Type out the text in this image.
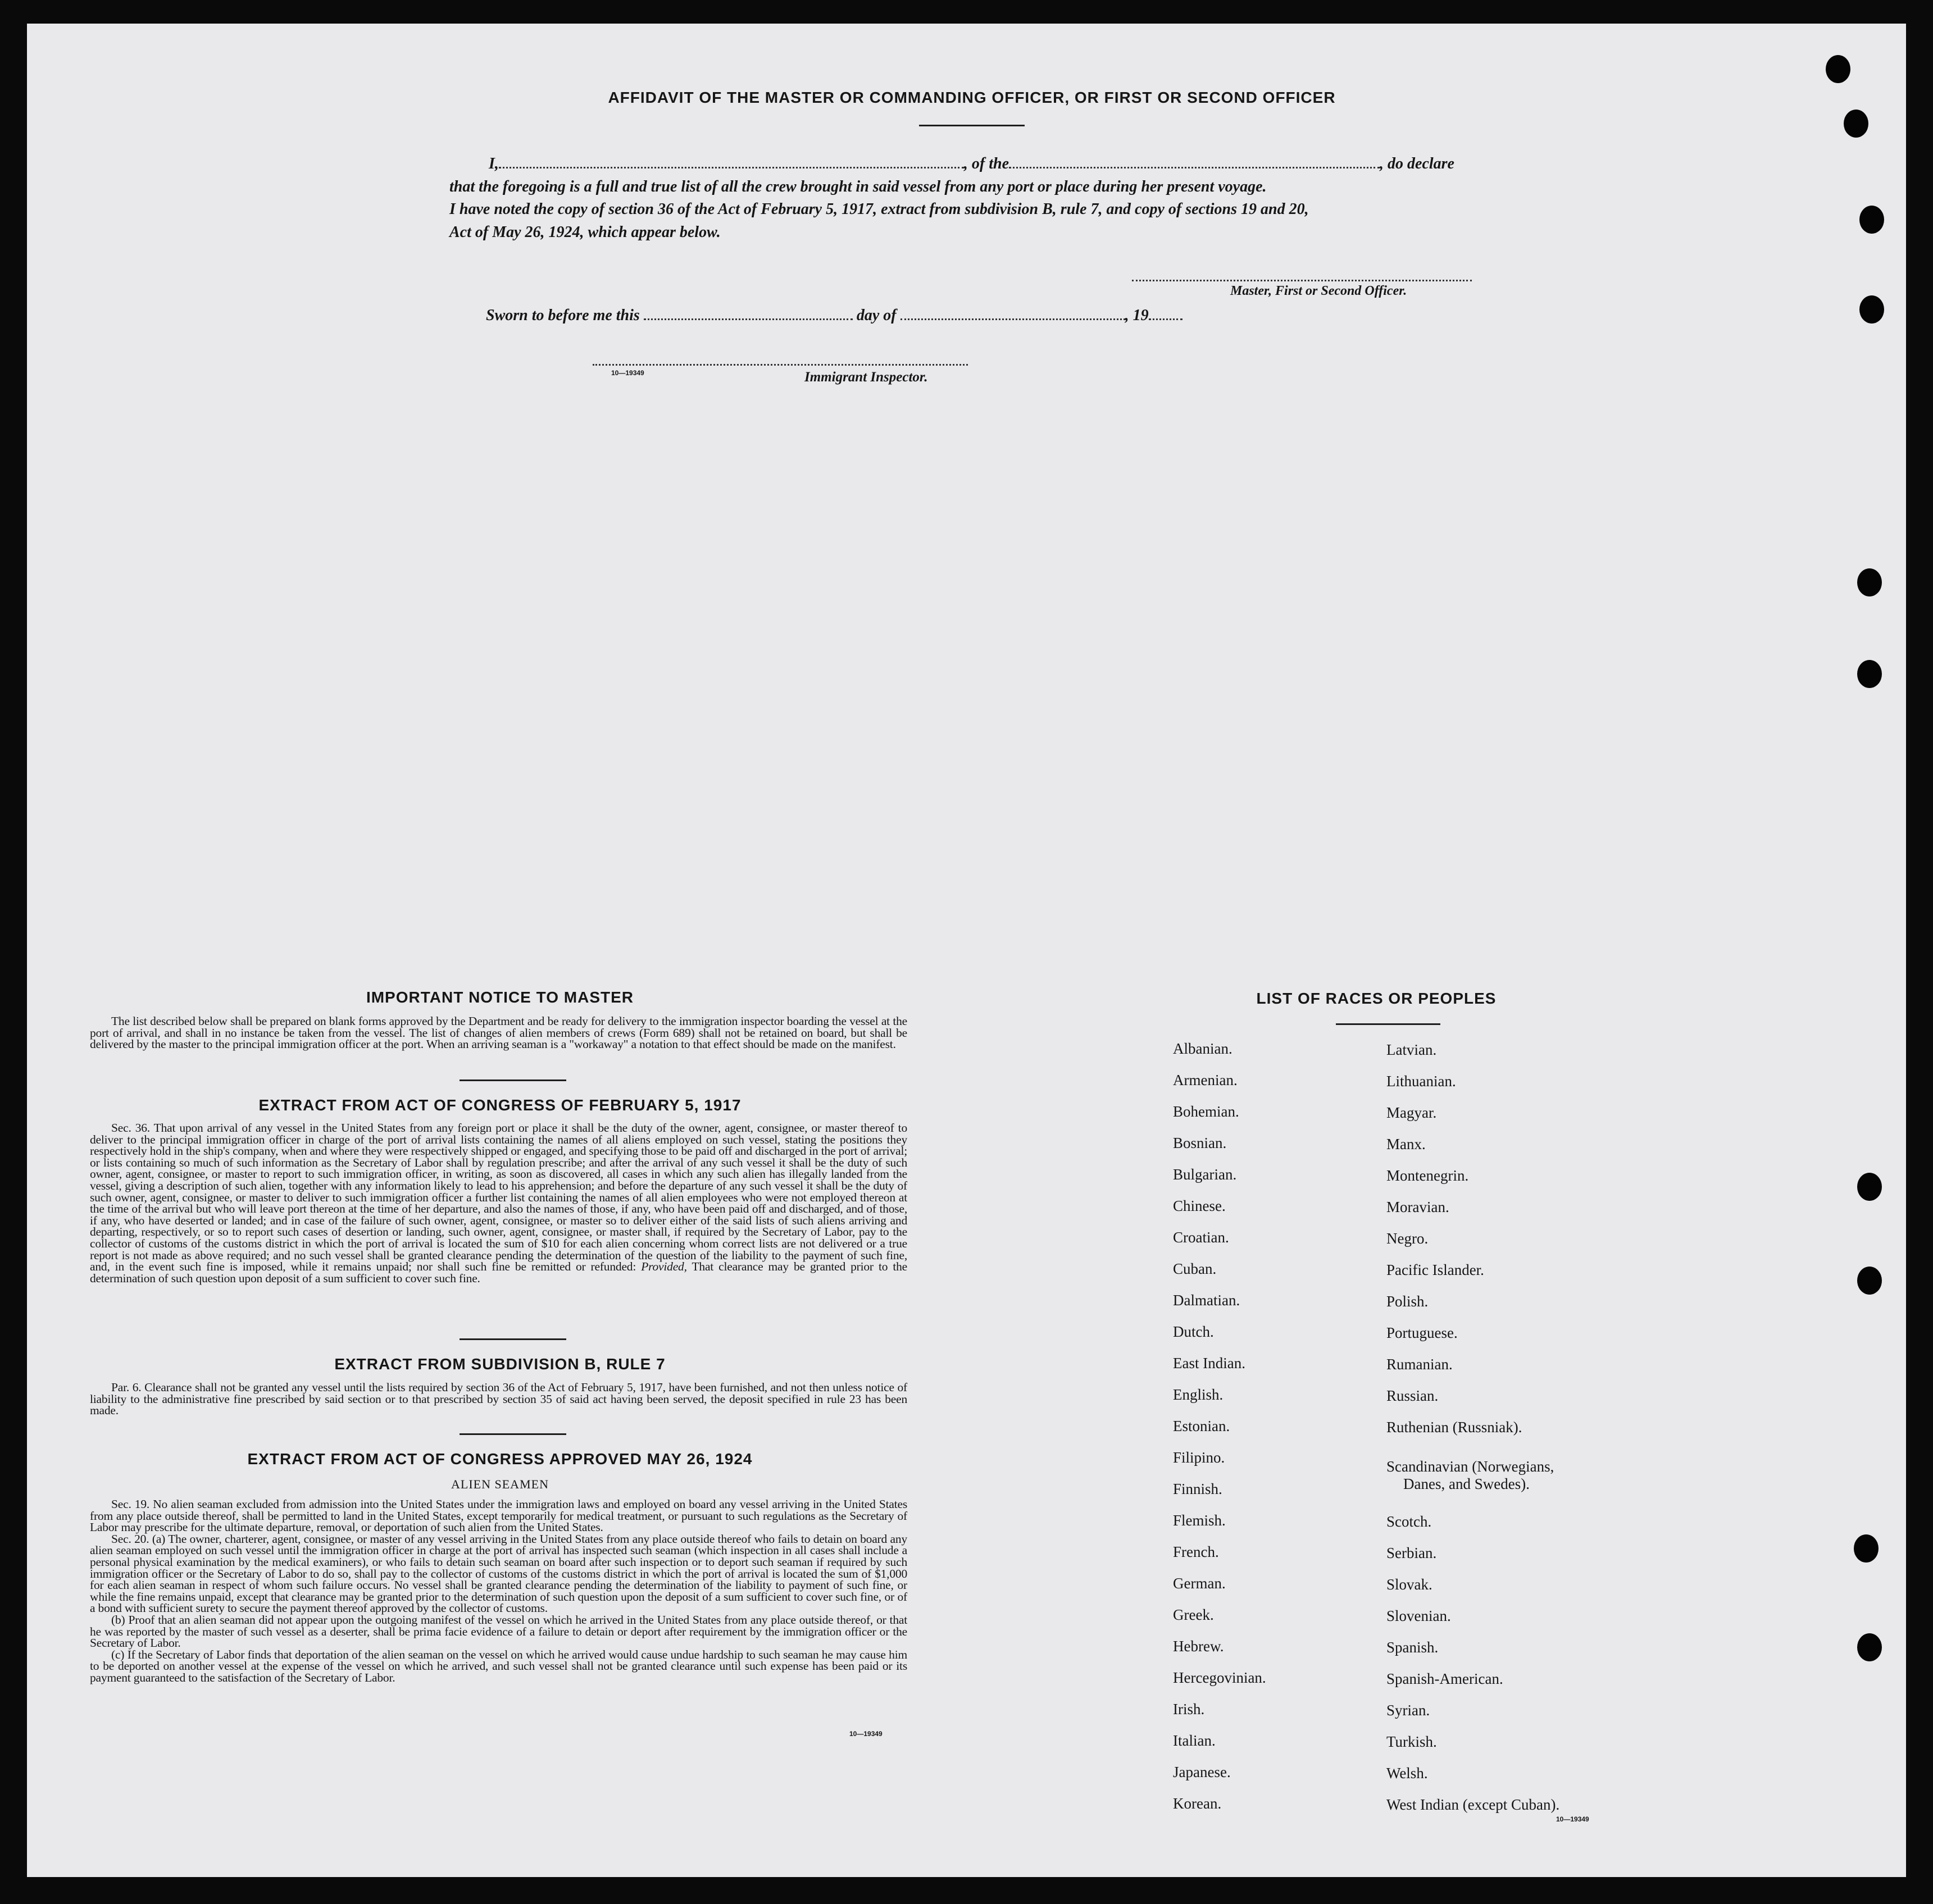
AFFIDAVIT OF THE MASTER OR COMMANDING OFFICER, OR FIRST OR SECOND OFFICER
I,	, of the	, do declare
that the foregoing is a full and true list of all the crew brought in said vessel from any port or place during her present voyage.
I have noted the copy of section 36 of the Act of February 5, 1917, extract from subdivision B, rule 7, and copy of sections 19 and 20,
Act of May 26, 1924, which appear below.
Master, First or Second Officer.
Sworn to before me this	day of	, 19
10—19349	Immigrant Inspector.
IMPORTANT NOTICE TO MASTER

The list described below shall be prepared on blank forms approved by the Department and be ready for delivery to the immigration inspector boarding the vessel at the port of arrival, and shall in no instance be taken from the vessel. The list of changes of alien members of crews (Form 689) shall not be retained on board, but shall be delivered by the master to the principal immigration officer at the port. When an arriving seaman is a "workaway" a notation to that effect should be made on the manifest.

EXTRACT FROM ACT OF CONGRESS OF FEBRUARY 5, 1917

Sec. 36. That upon arrival of any vessel in the United States from any foreign port or place it shall be the duty of the owner, agent, consignee, or master thereof to deliver to the principal immigration officer in charge of the port of arrival lists containing the names of all aliens employed on such vessel, stating the positions they respectively hold in the ship's company, when and where they were respectively shipped or engaged, and specifying those to be paid off and discharged in the port of arrival; or lists containing so much of such information as the Secretary of Labor shall by regulation prescribe; and after the arrival of any such vessel it shall be the duty of such owner, agent, consignee, or master to report to such immigration officer, in writing, as soon as discovered, all cases in which any such alien has illegally landed from the vessel, giving a description of such alien, together with any information likely to lead to his apprehension; and before the departure of any such vessel it shall be the duty of such owner, agent, consignee, or master to deliver to such immigration officer a further list containing the names of all alien employees who were not employed thereon at the time of the arrival but who will leave port thereon at the time of her departure, and also the names of those, if any, who have been paid off and discharged, and of those, if any, who have deserted or landed; and in case of the failure of such owner, agent, consignee, or master so to deliver either of the said lists of such aliens arriving and departing, respectively, or so to report such cases of desertion or landing, such owner, agent, consignee, or master shall, if required by the Secretary of Labor, pay to the collector of customs of the customs district in which the port of arrival is located the sum of $10 for each alien concerning whom correct lists are not delivered or a true report is not made as above required; and no such vessel shall be granted clearance pending the determination of the question of the liability to the payment of such fine, and, in the event such fine is imposed, while it remains unpaid; nor shall such fine be remitted or refunded: Provided, That clearance may be granted prior to the determination of such question upon deposit of a sum sufficient to cover such fine.

EXTRACT FROM SUBDIVISION B, RULE 7

Par. 6. Clearance shall not be granted any vessel until the lists required by section 36 of the Act of February 5, 1917, have been furnished, and not then unless notice of liability to the administrative fine prescribed by said section or to that prescribed by section 35 of said act having been served, the deposit specified in rule 23 has been made.

EXTRACT FROM ACT OF CONGRESS APPROVED MAY 26, 1924
ALIEN SEAMEN

Sec. 19. No alien seaman excluded from admission into the United States under the immigration laws and employed on board any vessel arriving in the United States from any place outside thereof, shall be permitted to land in the United States, except temporarily for medical treatment, or pursuant to such regulations as the Secretary of Labor may prescribe for the ultimate departure, removal, or deportation of such alien from the United States.

Sec. 20. (a) The owner, charterer, agent, consignee, or master of any vessel arriving in the United States from any place outside thereof who fails to detain on board any alien seaman employed on such vessel until the immigration officer in charge at the port of arrival has inspected such seaman (which inspection in all cases shall include a personal physical examination by the medical examiners), or who fails to detain such seaman on board after such inspection or to deport such seaman if required by such immigration officer or the Secretary of Labor to do so, shall pay to the collector of customs of the customs district in which the port of arrival is located the sum of $1,000 for each alien seaman in respect of whom such failure occurs. No vessel shall be granted clearance pending the determination of the liability to payment of such fine, or while the fine remains unpaid, except that clearance may be granted prior to the determination of such question upon the deposit of a sum sufficient to cover such fine, or of a bond with sufficient surety to secure the payment thereof approved by the collector of customs.

(b) Proof that an alien seaman did not appear upon the outgoing manifest of the vessel on which he arrived in the United States from any place outside thereof, or that he was reported by the master of such vessel as a deserter, shall be prima facie evidence of a failure to detain or deport after requirement by the immigration officer or the Secretary of Labor.

(c) If the Secretary of Labor finds that deportation of the alien seaman on the vessel on which he arrived would cause undue hardship to such seaman he may cause him to be deported on another vessel at the expense of the vessel on which he arrived, and such vessel shall not be granted clearance until such expense has been paid or its payment guaranteed to the satisfaction of the Secretary of Labor.

10—19349
LIST OF RACES OR PEOPLES
Albanian.
Armenian.
Bohemian.
Bosnian.
Bulgarian.
Chinese.
Croatian.
Cuban.
Dalmatian.
Dutch.
East Indian.
English.
Estonian.
Filipino.
Finnish.
Flemish.
French.
German.
Greek.
Hebrew.
Hercegovinian.
Irish.
Italian.
Japanese.
Korean.
Latvian.
Lithuanian.
Magyar.
Manx.
Montenegrin.
Moravian.
Negro.
Pacific Islander.
Polish.
Portuguese.
Rumanian.
Russian.
Ruthenian (Russniak).
Scandinavian (Norwegians,
Danes, and Swedes).
Scotch.
Serbian.
Slovak.
Slovenian.
Spanish.
Spanish-American.
Syrian.
Turkish.
Welsh.
West Indian (except Cuban).
10—19349
